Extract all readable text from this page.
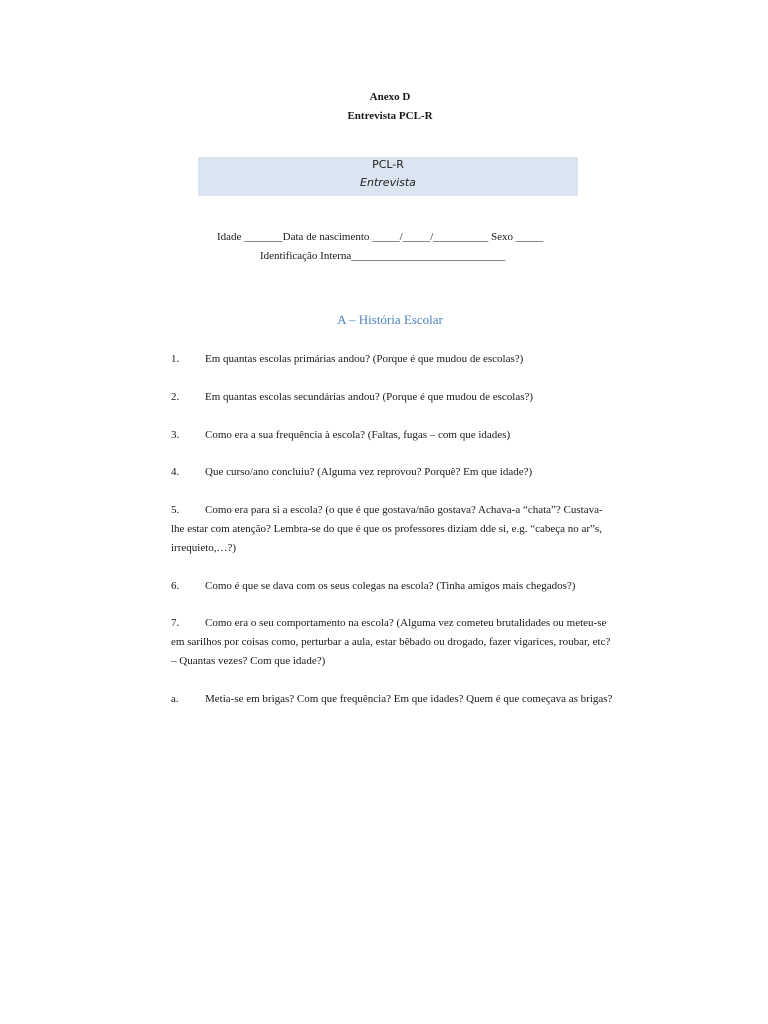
Anexo D
Entrevista PCL-R
PCL-R
Entrevista
Idade _______Data de nascimento _____/_____/__________ Sexo _____
Identificação Interna____________________________
A – História Escolar
1. Em quantas escolas primárias andou? (Porque é que mudou de escolas?)
2. Em quantas escolas secundárias andou? (Porque é que mudou de escolas?)
3. Como era a sua frequência à escola? (Faltas, fugas – com que idades)
4. Que curso/ano concluiu? (Alguma vez reprovou? Porquê? Em que idade?)
5. Como era para si a escola? (o que é que gostava/não gostava? Achava-a “chata”? Custava-lhe estar com atenção? Lembra-se do que é que os professores diziam dde si, e.g. “cabeça no ar”s, irrequieto,…?)
6. Como é que se dava com os seus colegas na escola? (Tinha amigos mais chegados?)
7. Como era o seu comportamento na escola? (Alguma vez cometeu brutalidades ou meteu-se em sarilhos por coisas como, perturbar a aula, estar bêbado ou drogado, fazer vigarices, roubar, etc? – Quantas vezes? Com que idade?)
a. Metia-se em brigas? Com que frequência? Em que idades? Quem é que começava as brigas?
